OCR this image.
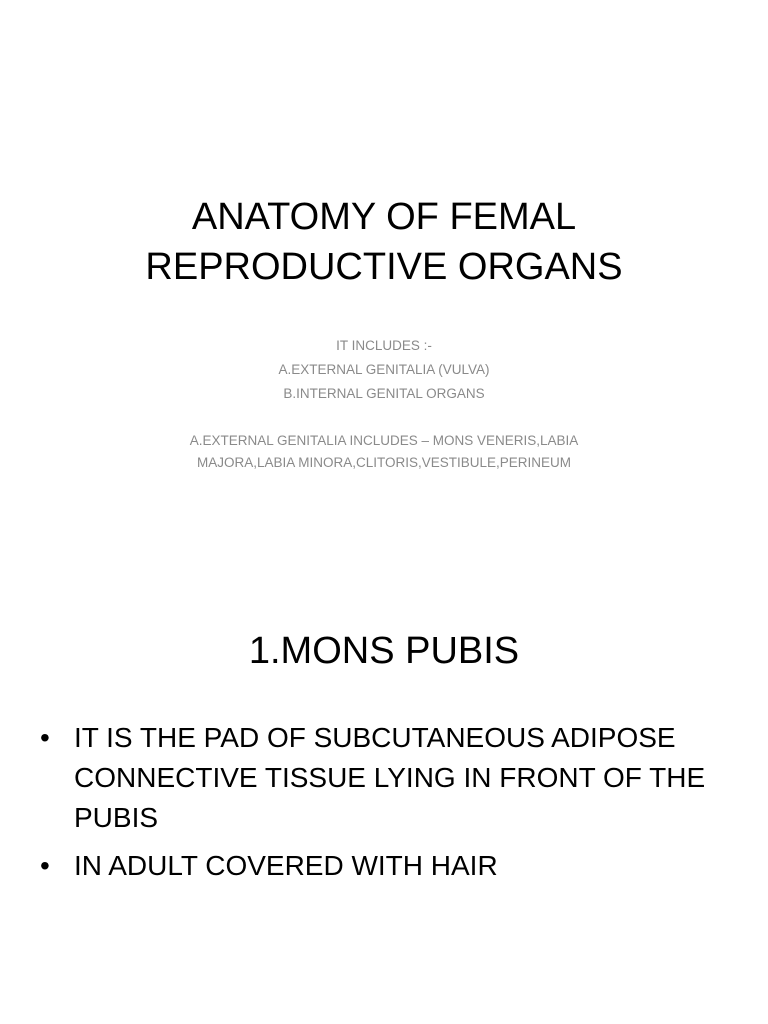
ANATOMY OF FEMAL
REPRODUCTIVE ORGANS
IT INCLUDES :-
A.EXTERNAL GENITALIA (VULVA)
B.INTERNAL GENITAL ORGANS
A.EXTERNAL GENITALIA INCLUDES – MONS VENERIS,LABIA MAJORA,LABIA MINORA,CLITORIS,VESTIBULE,PERINEUM
1.MONS PUBIS
• IT IS THE PAD OF SUBCUTANEOUS ADIPOSE CONNECTIVE TISSUE LYING IN FRONT OF THE PUBIS
• IN ADULT COVERED WITH HAIR
